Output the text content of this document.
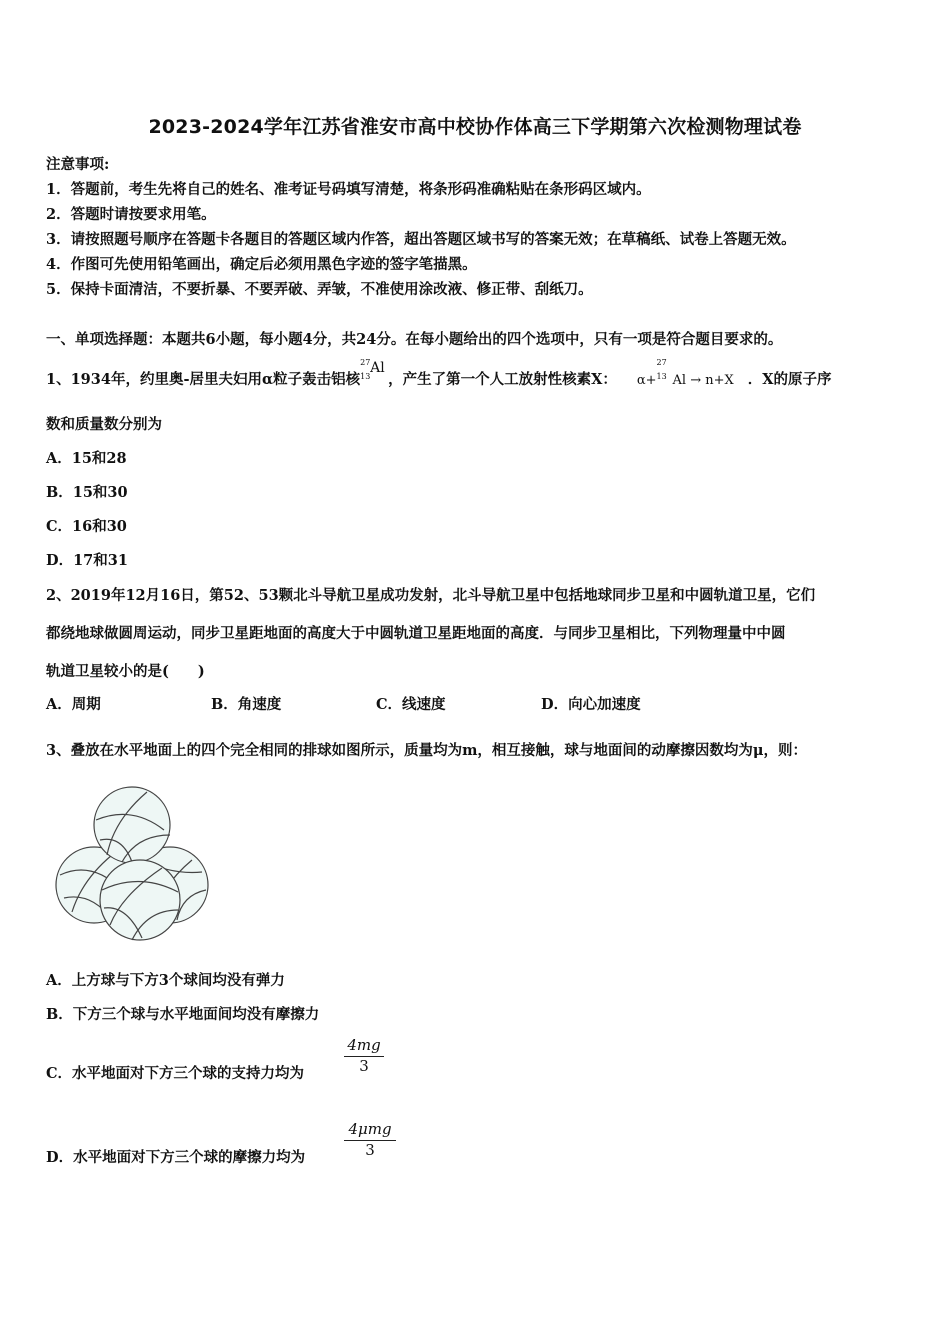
2023-2024学年江苏省淮安市高中校协作体高三下学期第六次检测物理试卷
注意事项:
1．答题前，考生先将自己的姓名、准考证号码填写清楚，将条形码准确粘贴在条形码区域内。
2．答题时请按要求用笔。
3．请按照题号顺序在答题卡各题目的答题区域内作答，超出答题区域书写的答案无效；在草稿纸、试卷上答题无效。
4．作图可先使用铅笔画出，确定后必须用黑色字迹的签字笔描黑。
5．保持卡面清洁，不要折暴、不要弄破、弄皱，不准使用涂改液、修正带、刮纸刀。
一、单项选择题：本题共6小题，每小题4分，共24分。在每小题给出的四个选项中，只有一项是符合题目要求的。
1、1934年，约里奥-居里夫妇用α粒子轰击铝核
27
13
Al
，产生了第一个人工放射性核素X： α+
27
13 Al → n+X ．X的原子序
数和质量数分别为
A．15和28
B．15和30
C．16和30
D．17和31
2、2019年12月16日，第52、53颗北斗导航卫星成功发射，北斗导航卫星中包括地球同步卫星和中圆轨道卫星，它们
都绕地球做圆周运动，同步卫星距地面的高度大于中圆轨道卫星距地面的高度．与同步卫星相比，下列物理量中中圆
轨道卫星较小的是(　　)
A．周期	B．角速度	C．线速度	D．向心加速度
3、叠放在水平地面上的四个完全相同的排球如图所示，质量均为m，相互接触，球与地面间的动摩擦因数均为μ，则：
A．上方球与下方3个球间均没有弹力
B．下方三个球与水平地面间均没有摩擦力
C．水平地面对下方三个球的支持力均为
4mg
3
D．水平地面对下方三个球的摩擦力均为
4μmg
3
